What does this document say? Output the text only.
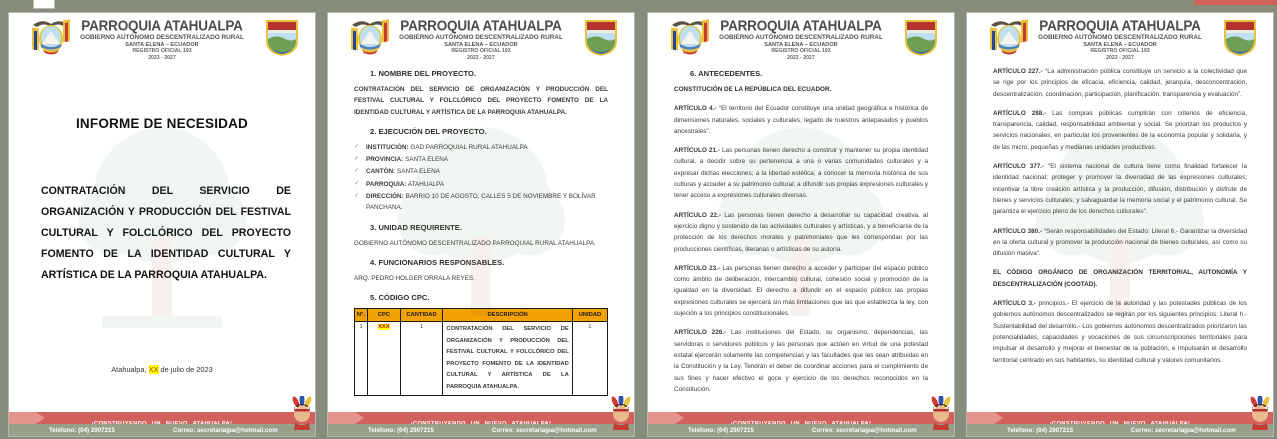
PARROQUIA ATAHUALPA
GOBIERNO AUTÓNOMO DESCENTRALIZADO RURAL
SANTA ELENA – ECUADOR
REGISTRO OFICIAL 193
2023 - 2027
INFORME DE NECESIDAD
CONTRATACIÓN DEL SERVICIO DE ORGANIZACIÓN Y PRODUCCIÓN DEL FESTIVAL CULTURAL Y FOLCLÓRICO DEL PROYECTO FOMENTO DE LA IDENTIDAD CULTURAL Y ARTÍSTICA DE LA PARROQUIA ATAHUALPA.
Atahualpa, XX de julio de 2023
Teléfono: (04) 2907215	Correo: secretariajpa@hotmail.com
PARROQUIA ATAHUALPA
GOBIERNO AUTÓNOMO DESCENTRALIZADO RURAL
SANTA ELENA – ECUADOR
REGISTRO OFICIAL 193
2023 - 2027
1. NOMBRE DEL PROYECTO.

CONTRATACIÓN DEL SERVICIO DE ORGANIZACIÓN Y PRODUCCIÓN DEL FESTIVAL CULTURAL Y FOLCLÓRICO DEL PROYECTO FOMENTO DE LA IDENTIDAD CULTURAL Y ARTÍSTICA DE LA PARROQUIA ATAHUALPA.

2. EJECUCIÓN DEL PROYECTO.
✓ INSTITUCIÓN: GAD PARROQUIAL RURAL ATAHUALPA
✓ PROVINCIA: SANTA ELENA
✓ CANTÓN: SANTA ELENA
✓ PARROQUIA: ATAHUALPA
✓ DIRECCIÓN: BARRIO 10 DE AGOSTO, CALLES 5 DE NOVIEMBRE Y BOLÍVAR PANCHANA.
3. UNIDAD REQUIRENTE.

GOBIERNO AUTÓNOMO DESCENTRALIZADO PARROQUIAL RURAL ATAHUALPA.

4. FUNCIONARIOS RESPONSABLES.

ARQ. PEDRO HOLGER ORRALA REYES.

5. CÓDIGO CPC.
N°.	CPC	CANTIDAD	DESCRIPCIÓN	UNIDAD
1	XXX	1	CONTRATACIÓN DEL SERVICIO DE ORGANIZACIÓN Y PRODUCCIÓN DEL FESTIVAL CULTURAL Y FOLCLÓRICO DEL PROYECTO FOMENTO DE LA IDENTIDAD CULTURAL Y ARTÍSTICA DE LA PARROQUIA ATAHUALPA.	1
Teléfono: (04) 2907215	Correo: secretariajpa@hotmail.com
PARROQUIA ATAHUALPA
GOBIERNO AUTÓNOMO DESCENTRALIZADO RURAL
SANTA ELENA – ECUADOR
REGISTRO OFICIAL 193
2023 - 2027
6. ANTECEDENTES.

CONSTITUCIÓN DE LA REPÚBLICA DEL ECUADOR.

ARTÍCULO 4.- “El territorio del Ecuador constituye una unidad geográfica e histórica de dimensiones naturales, sociales y culturales, legado de nuestros antepasados y pueblos ancestrales”.

ARTÍCULO 21.- Las personas tienen derecho a construir y mantener su propia identidad cultural, a decidir sobre su pertenencia a una o varias comunidades culturales y a expresar dichas elecciones; a la libertad estética; a conocer la memoria histórica de sus culturas y acceder a su patrimonio cultural; a difundir sus propias expresiones culturales y tener acceso a expresiones culturales diversas.

ARTÍCULO 22.- Las personas tienen derecho a desarrollar su capacidad creativa, al ejercicio digno y sostenido de las actividades culturales y artísticas, y a beneficiarse de la protección de los derechos morales y patrimoniales que les correspondan por las producciones científicas, literarias o artísticas de su autoría.

ARTÍCULO 23.- Las personas tienen derecho a acceder y participar del espacio público como ámbito de deliberación, intercambio cultural, cohesión social y promoción de la igualdad en la diversidad. El derecho a difundir en el espacio público las propias expresiones culturales se ejercerá sin más limitaciones que las que establezca la ley, con sujeción a los principios constitucionales.

ARTÍCULO 226.- Las instituciones del Estado, su organismo, dependencias, las servidoras o servidores públicos y las personas que actúen en virtud de una potestad estatal ejercerán solamente las competencias y las facultades que les sean atribuidas en la Constitución y la Ley. Tendrán el deber de coordinar acciones para el cumplimiento de sus fines y hacer efectivo el goce y ejercicio de los derechos reconocidos en la Constitución.

Teléfono: (04) 2907215	Correo: secretariajpa@hotmail.com
PARROQUIA ATAHUALPA
GOBIERNO AUTÓNOMO DESCENTRALIZADO RURAL
SANTA ELENA – ECUADOR
REGISTRO OFICIAL 193
2023 - 2027

ARTÍCULO 227.- “La administración pública constituye un servicio a la colectividad que se rige por los principios de eficacia, eficiencia, calidad, jerarquía, desconcentración, descentralización, coordinación, participación, planificación, transparencia y evaluación”.

ARTÍCULO 288.- Las compras públicas cumplirán con criterios de eficiencia, transparencia, calidad, responsabilidad ambiental y social. Se priorizan los productos y servicios nacionales, en particular los provenientes de la economía popular y solidaria, y de las micro, pequeñas y medianas unidades productivas.

ARTÍCULO 377.- “El sistema nacional de cultura tiene como finalidad fortalecer la identidad nacional; proteger y promover la diversidad de las expresiones culturales; incentivar la libre creación artística y la producción, difusión, distribución y disfrute de bienes y servicios culturales; y salvaguardar la memoria social y el patrimonio cultural. Se garantiza el ejercicio pleno de los derechos culturales”.

ARTÍCULO 380.- “Serán responsabilidades del Estado: Literal 6.- Garantizar la diversidad en la oferta cultural y promover la producción nacional de bienes culturales, así como su difusión masiva”.

EL CÓDIGO ORGÁNICO DE ORGANIZACIÓN TERRITORIAL, AUTONOMÍA Y DESCENTRALIZACIÓN (COOTAD).

ARTÍCULO 3.- principios.- El ejercicio de la autoridad y las potestades públicas de los gobiernos autónomos descentralizados se regirán por los siguientes principios: Literal h.- Sustentabilidad del desarrollo.- Los gobiernos autónomos descentralizados priorizaron las potencialidades, capacidades y vocaciones de sus circunscripciones territoriales para impulsar el desarrollo y mejorar el bienestar de la población, e impulsarán el desarrollo territorial centrado en sus habitantes, su identidad cultural y valores comunitarios.

Teléfono: (04) 2907215	Correo: secretariajpa@hotmail.com
